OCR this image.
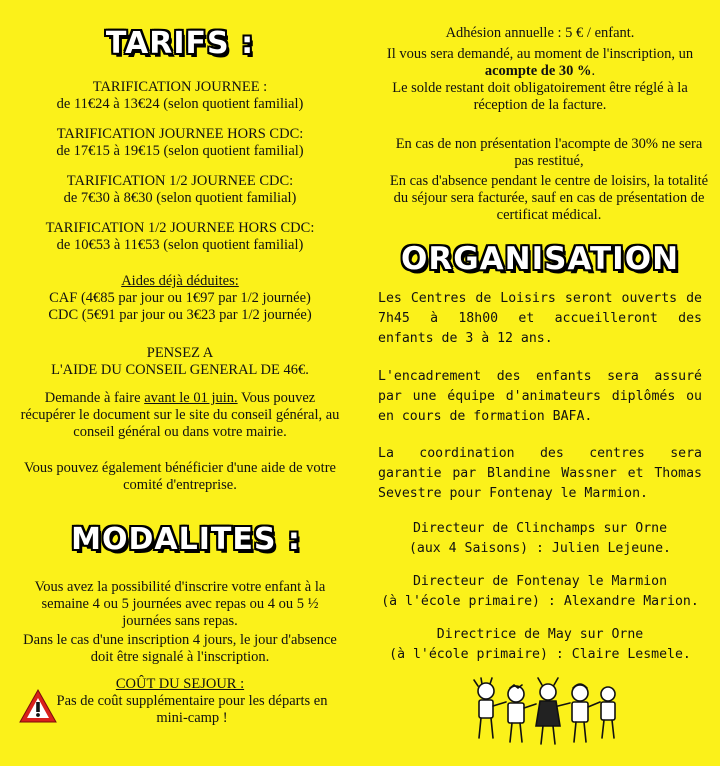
TARIFS :
TARIFICATION JOURNEE :
de 11€24 à 13€24 (selon quotient familial)
TARIFICATION JOURNEE HORS CDC:
de 17€15 à 19€15 (selon quotient familial)
TARIFICATION 1/2 JOURNEE CDC:
de 7€30 à 8€30 (selon quotient familial)
TARIFICATION 1/2 JOURNEE HORS CDC:
de 10€53 à 11€53 (selon quotient familial)
Aides déjà déduites:
CAF (4€85 par jour ou 1€97 par 1/2 journée)
CDC (5€91 par jour ou 3€23 par 1/2 journée)
PENSEZ A
L'AIDE DU CONSEIL GENERAL DE 46€.
Demande à faire avant le 01 juin. Vous pouvez récupérer le document sur le site du conseil général, au conseil général ou dans votre mairie.
Vous pouvez également bénéficier d'une aide de votre comité d'entreprise.
MODALITES :
Vous avez la possibilité d'inscrire votre enfant à la semaine 4 ou 5 journées avec repas ou 4 ou 5 ½ journées sans repas.
Dans le cas d'une inscription 4 jours, le jour d'absence doit être signalé à l'inscription.
COÛT DU SEJOUR :
Pas de coût supplémentaire pour les départs en mini-camp !
Adhésion annuelle : 5 € / enfant.
Il vous sera demandé, au moment de l'inscription, un
acompte de 30 %.
Le solde restant doit obligatoirement être réglé à la réception de la facture.
En cas de non présentation l'acompte de 30% ne sera pas restitué,
En cas d'absence pendant le centre de loisirs, la totalité du séjour sera facturée, sauf en cas de présentation de certificat médical.
ORGANISATION
Les Centres de Loisirs seront ouverts de 7h45 à 18h00 et accueilleront des enfants de 3 à 12 ans.
L'encadrement des enfants sera assuré par une équipe d'animateurs diplômés ou en cours de formation BAFA.
La coordination des centres sera garantie par Blandine Wassner et Thomas Sevestre pour Fontenay le Marmion.
Directeur de Clinchamps sur Orne
(aux 4 Saisons) : Julien Lejeune.
Directeur de Fontenay le Marmion
(à l'école primaire) : Alexandre Marion.
Directrice de May sur Orne
(à l'école primaire) : Claire Lesmele.
